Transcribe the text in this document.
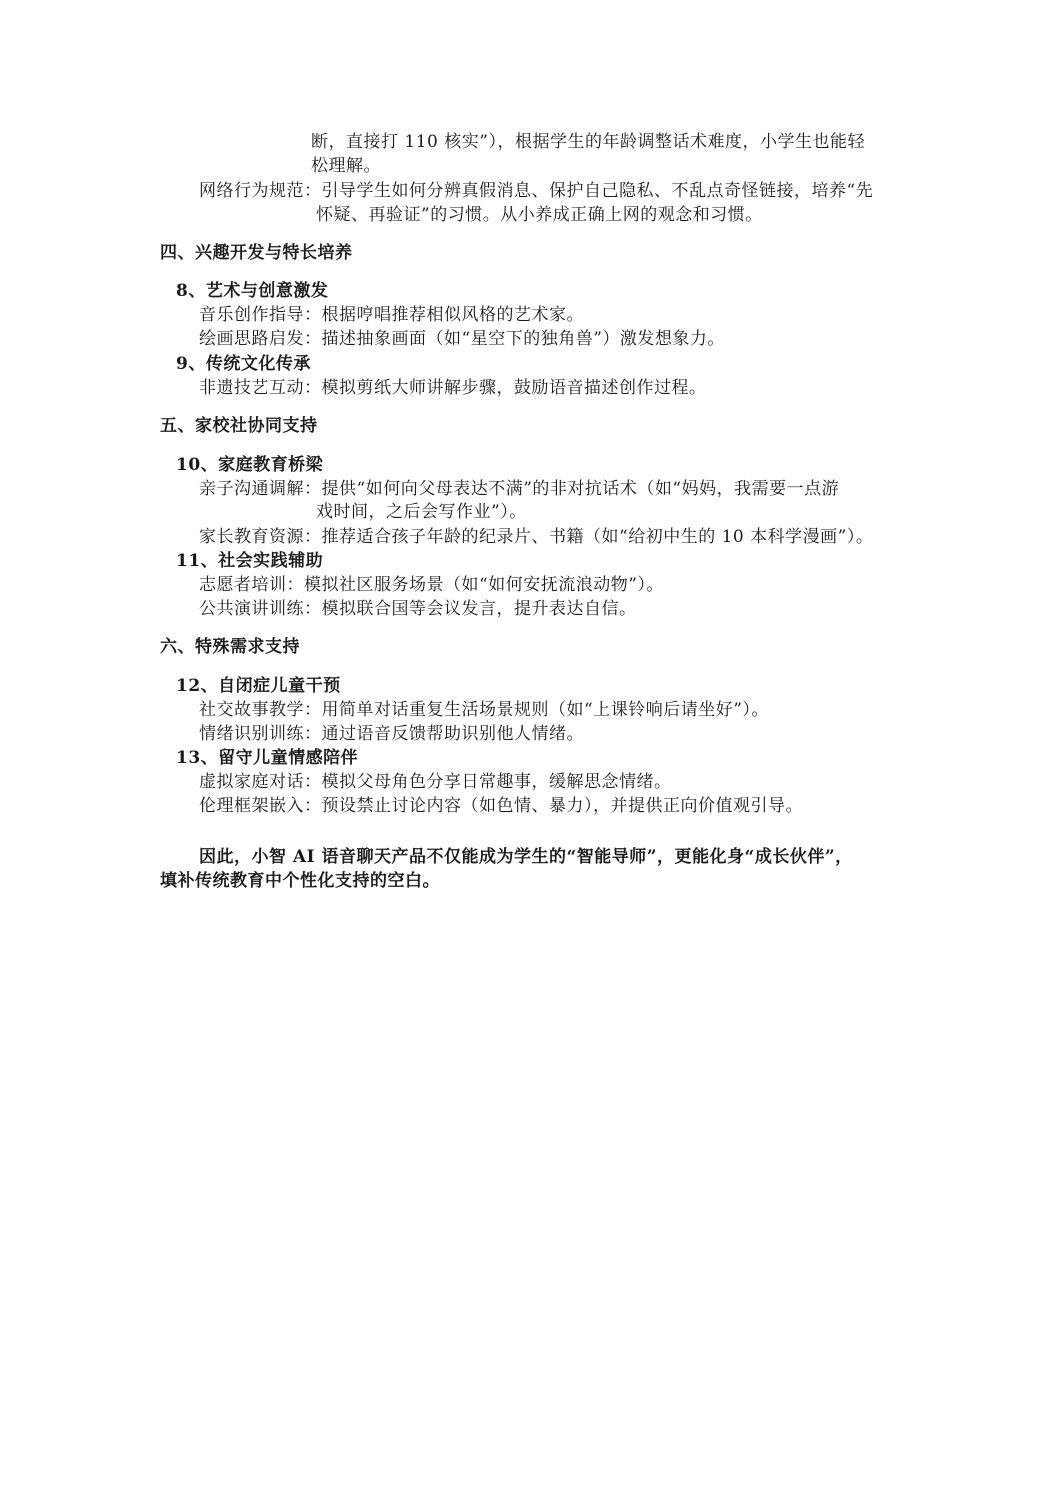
断，直接打 110 核实”），根据学生的年龄调整话术难度，小学生也能轻
松理解。
网络行为规范：引导学生如何分辨真假消息、保护自己隐私、不乱点奇怪链接，培养“先
怀疑、再验证”的习惯。从小养成正确上网的观念和习惯。
四、兴趣开发与特长培养
8、艺术与创意激发
音乐创作指导：根据哼唱推荐相似风格的艺术家。
绘画思路启发：描述抽象画面（如“星空下的独角兽”）激发想象力。
9、传统文化传承
非遗技艺互动：模拟剪纸大师讲解步骤，鼓励语音描述创作过程。
五、家校社协同支持
10、家庭教育桥梁
亲子沟通调解：提供“如何向父母表达不满”的非对抗话术（如“妈妈，我需要一点游
戏时间，之后会写作业”）。
家长教育资源：推荐适合孩子年龄的纪录片、书籍（如“给初中生的 10 本科学漫画”）。
11、社会实践辅助
志愿者培训：模拟社区服务场景（如“如何安抚流浪动物”）。
公共演讲训练：模拟联合国等会议发言，提升表达自信。
六、特殊需求支持
12、自闭症儿童干预
社交故事教学：用简单对话重复生活场景规则（如“上课铃响后请坐好”）。
情绪识别训练：通过语音反馈帮助识别他人情绪。
13、留守儿童情感陪伴
虚拟家庭对话：模拟父母角色分享日常趣事，缓解思念情绪。
伦理框架嵌入：预设禁止讨论内容（如色情、暴力），并提供正向价值观引导。
因此，小智 AI 语音聊天产品不仅能成为学生的“智能导师”，更能化身“成长伙伴”，
填补传统教育中个性化支持的空白。
